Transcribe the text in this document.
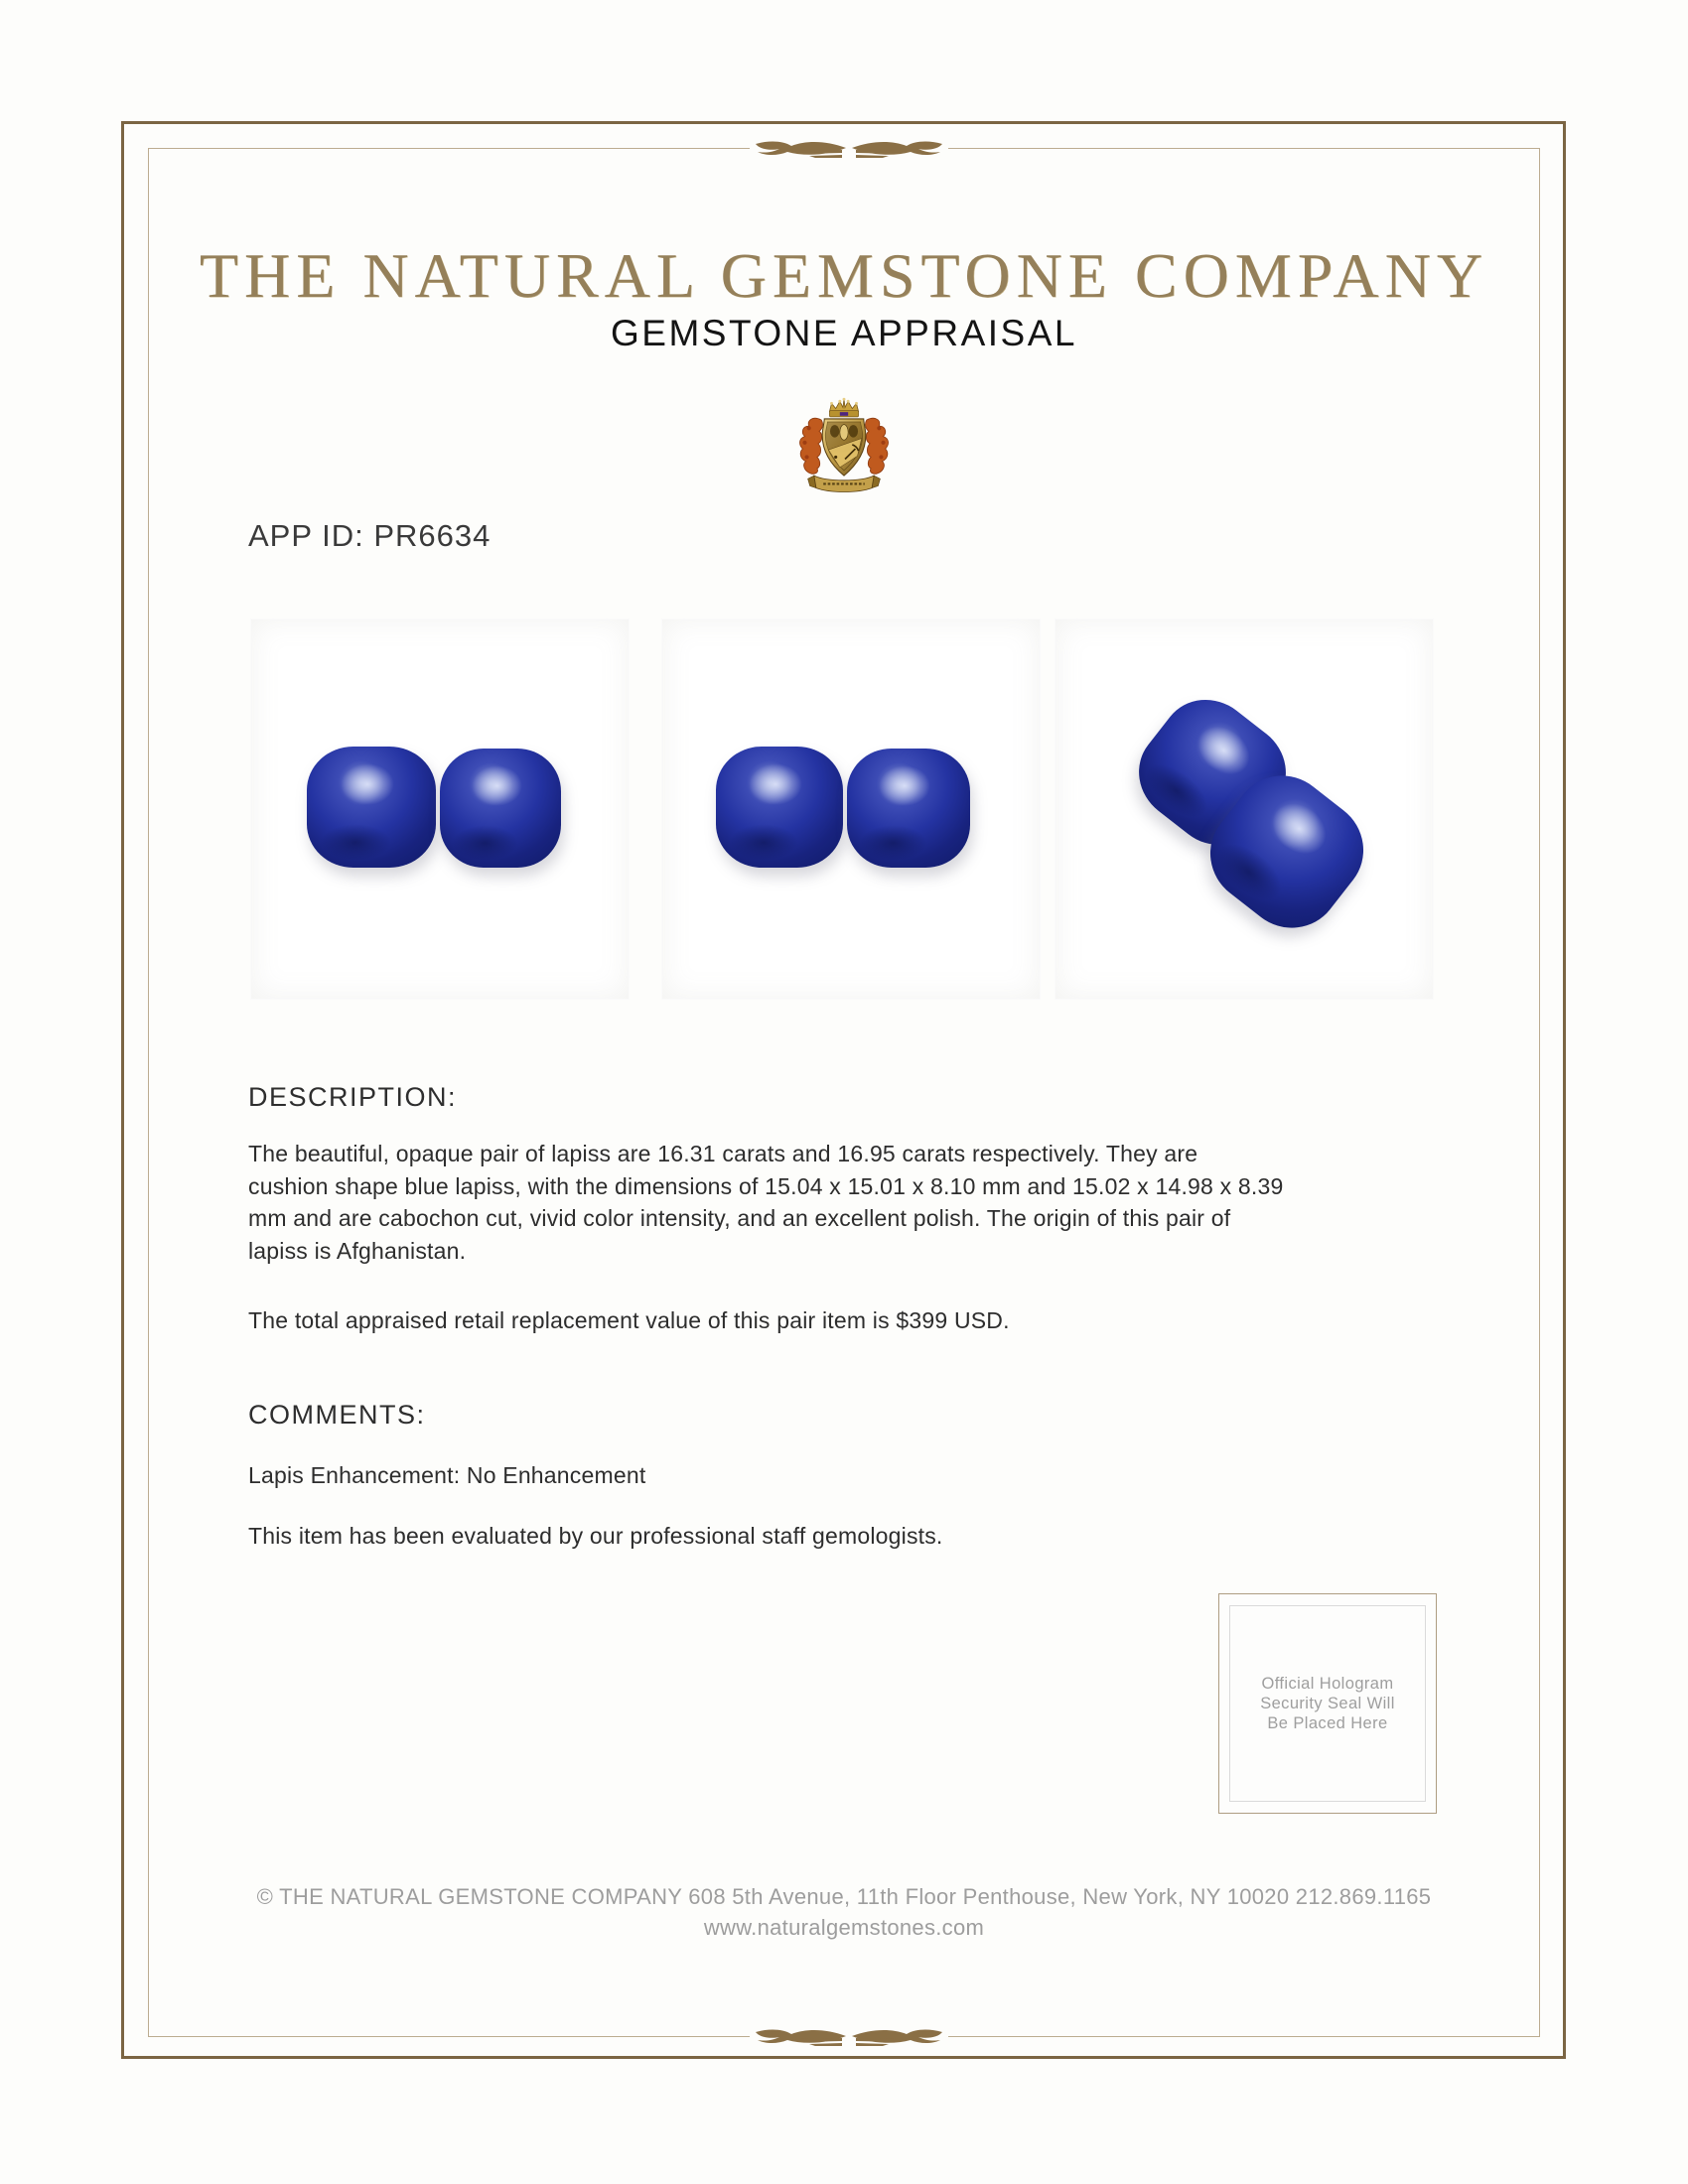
THE NATURAL GEMSTONE COMPANY
GEMSTONE APPRAISAL
APP ID: PR6634
DESCRIPTION:
The beautiful, opaque pair of lapiss are 16.31 carats and 16.95 carats respectively. They are
cushion shape blue lapiss, with the dimensions of 15.04 x 15.01 x 8.10 mm and 15.02 x 14.98 x 8.39
mm and are cabochon cut, vivid color intensity, and an excellent polish. The origin of this pair of
lapiss is Afghanistan.
The total appraised retail replacement value of this pair item is $399 USD.
COMMENTS:
Lapis Enhancement: No Enhancement
This item has been evaluated by our professional staff gemologists.
Official Hologram
Security Seal Will
Be Placed Here
© THE NATURAL GEMSTONE COMPANY 608 5th Avenue, 11th Floor Penthouse, New York, NY 10020 212.869.1165
www.naturalgemstones.com
